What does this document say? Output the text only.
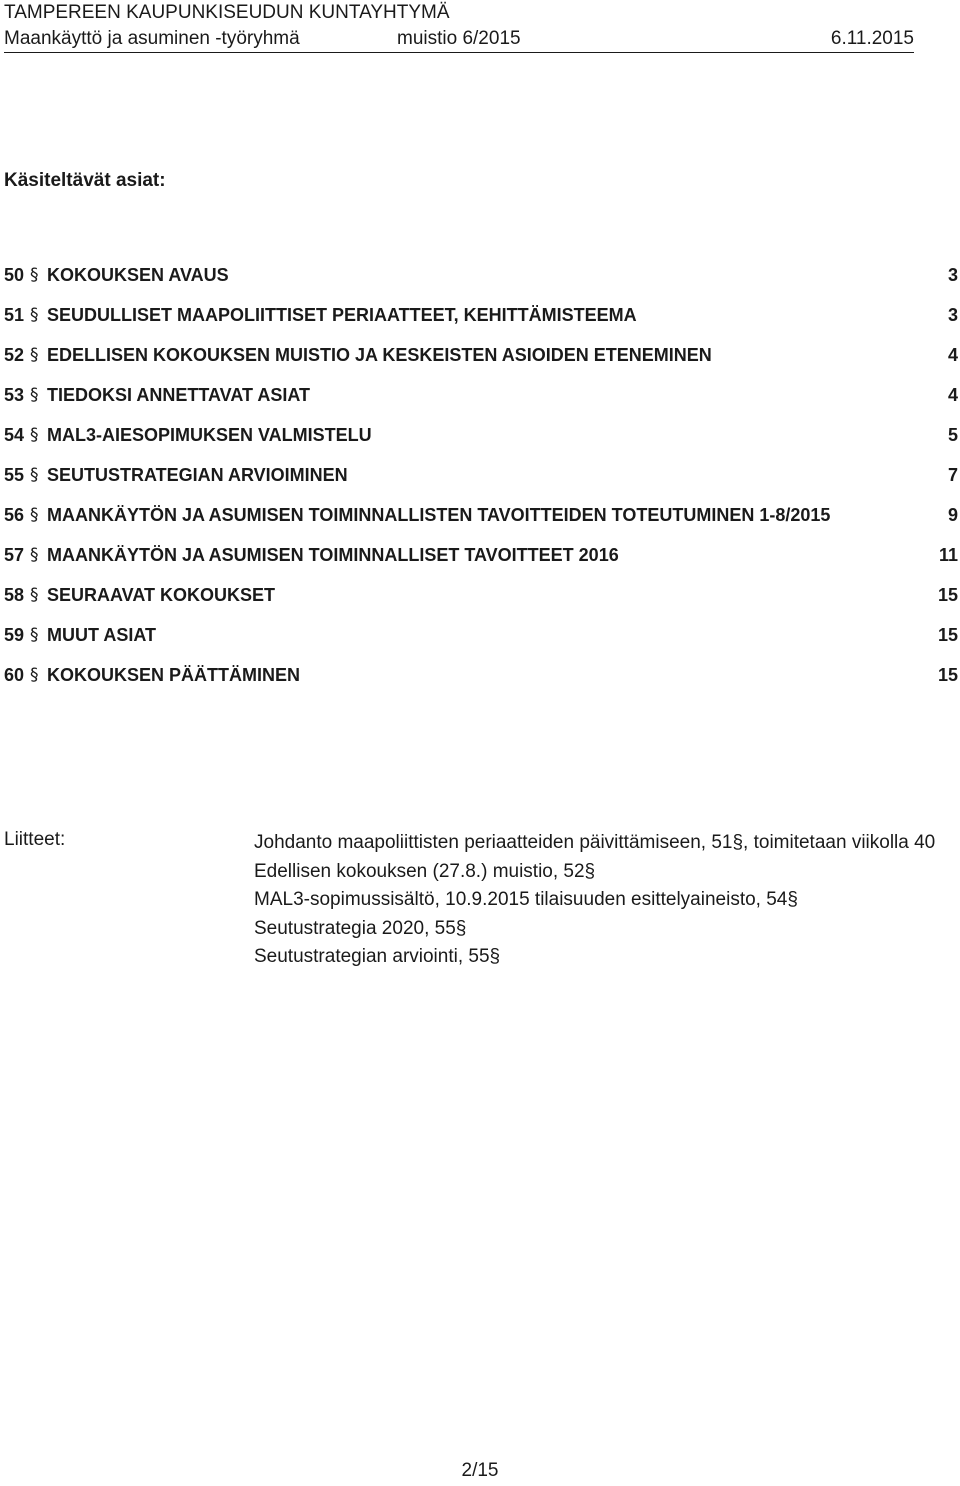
TAMPEREEN KAUPUNKISEUDUN KUNTAYHTYMÄ
Maankäyttö ja asuminen -työryhmä	muistio 6/2015	6.11.2015
Käsiteltävät asiat:
50 § KOKOUKSEN AVAUS	3
51 § SEUDULLISET MAAPOLIITTISET PERIAATTEET, KEHITTÄMISTEEMA	3
52 § EDELLISEN KOKOUKSEN MUISTIO JA KESKEISTEN ASIOIDEN ETENEMINEN	4
53 § TIEDOKSI ANNETTAVAT ASIAT	4
54 § MAL3-AIESOPIMUKSEN VALMISTELU	5
55 § SEUTUSTRATEGIAN ARVIOIMINEN	7
56 § MAANKÄYTÖN JA ASUMISEN TOIMINNALLISTEN TAVOITTEIDEN TOTEUTUMINEN 1-8/2015	9
57 § MAANKÄYTÖN JA ASUMISEN TOIMINNALLISET TAVOITTEET 2016	11
58 § SEURAAVAT KOKOUKSET	15
59 § MUUT ASIAT	15
60 § KOKOUKSEN PÄÄTTÄMINEN	15
Liitteet:	Johdanto maapoliittisten periaatteiden päivittämiseen, 51§, toimitetaan viikolla 40
Edellisen kokouksen (27.8.) muistio, 52§
MAL3-sopimussisältö, 10.9.2015 tilaisuuden esittelyaineisto, 54§
Seutustrategia 2020, 55§
Seutustrategian arviointi, 55§
2/15
